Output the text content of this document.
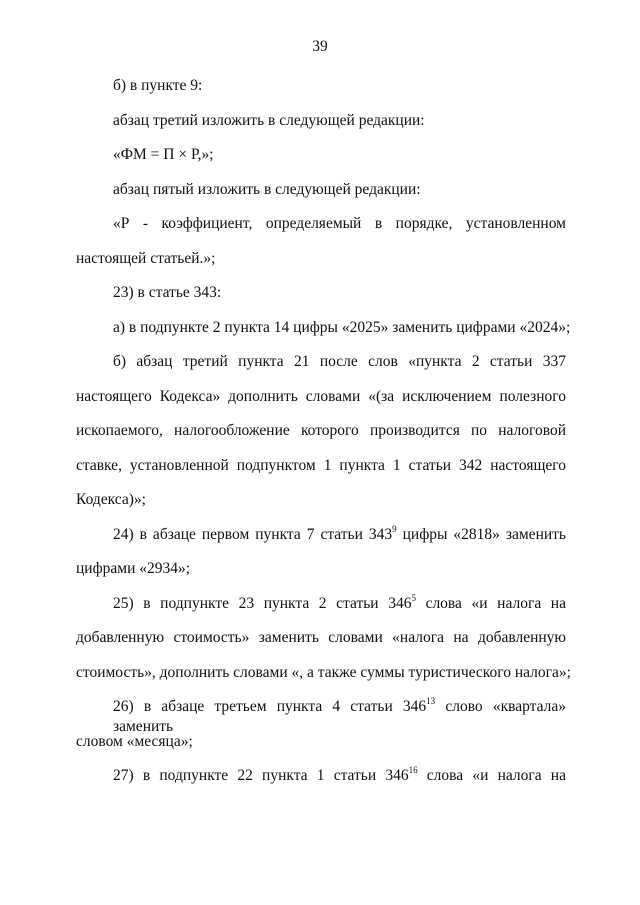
39
б) в пункте 9:
абзац третий изложить в следующей редакции:
«ФМ = П × Р,»;
абзац пятый изложить в следующей редакции:
«Р - коэффициент, определяемый в порядке, установленном
настоящей статьей.»;
23) в статье 343:
а) в подпункте 2 пункта 14 цифры «2025» заменить цифрами «2024»;
б) абзац третий пункта 21 после слов «пункта 2 статьи 337
настоящего Кодекса» дополнить словами «(за исключением полезного
ископаемого, налогообложение которого производится по налоговой
ставке, установленной подпунктом 1 пункта 1 статьи 342 настоящего
Кодекса)»;
24) в абзаце первом пункта 7 статьи $343^9$ цифры «2818» заменить
цифрами «2934»;
25) в подпункте 23 пункта 2 статьи $346^5$ слова «и налога на
добавленную стоимость» заменить словами «налога на добавленную
стоимость», дополнить словами «, а также суммы туристического налога»;
26) в абзаце третьем пункта 4 статьи $346^{13}$ слово «квартала» заменить
словом «месяца»;
27) в подпункте 22 пункта 1 статьи $346^{16}$ слова «и налога на
